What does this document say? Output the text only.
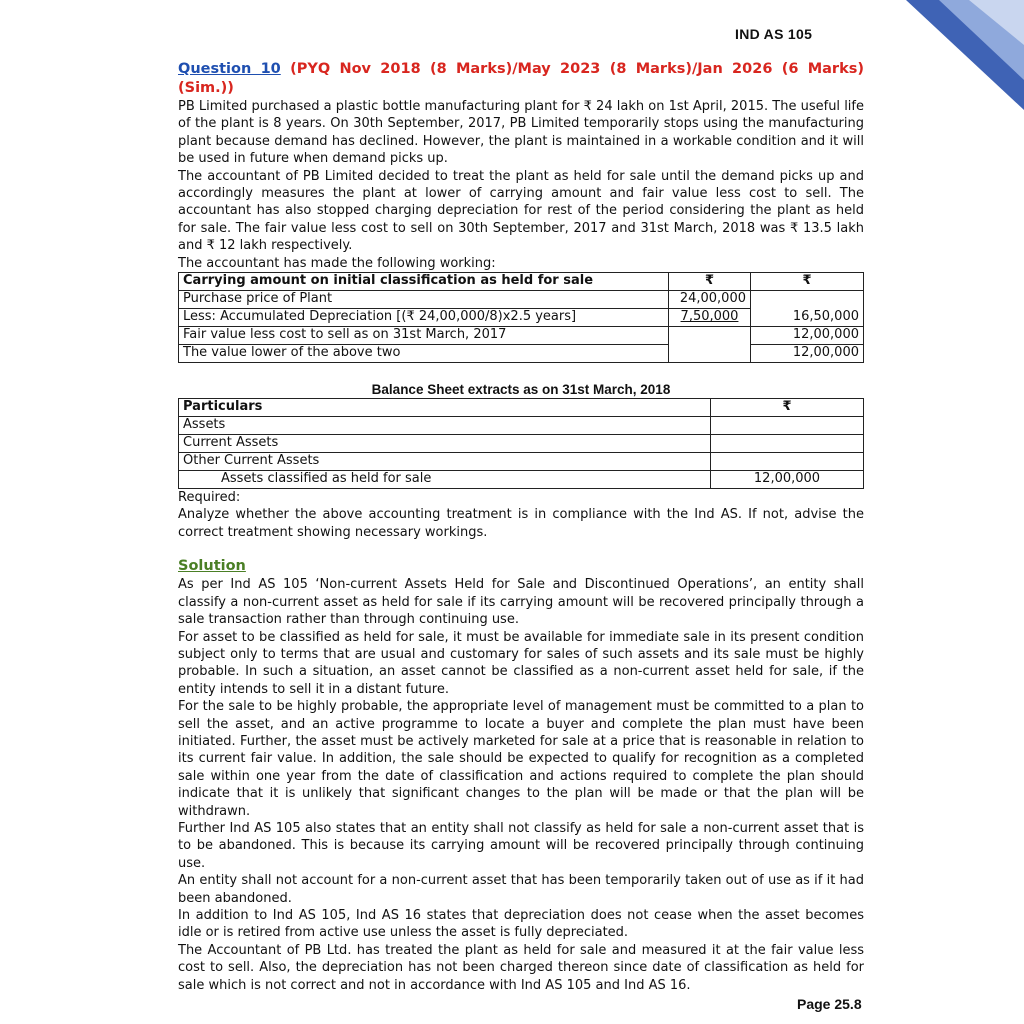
IND AS 105

Question 10 (PYQ Nov 2018 (8 Marks)/May 2023 (8 Marks)/Jan 2026 (6 Marks) (Sim.))

PB Limited purchased a plastic bottle manufacturing plant for ₹ 24 lakh on 1st April, 2015. The useful life of the plant is 8 years. On 30th September, 2017, PB Limited temporarily stops using the manufacturing plant because demand has declined. However, the plant is maintained in a workable condition and it will be used in future when demand picks up.

The accountant of PB Limited decided to treat the plant as held for sale until the demand picks up and accordingly measures the plant at lower of carrying amount and fair value less cost to sell. The accountant has also stopped charging depreciation for rest of the period considering the plant as held for sale. The fair value less cost to sell on 30th September, 2017 and 31st March, 2018 was ₹ 13.5 lakh and ₹ 12 lakh respectively.

The accountant has made the following working:

Carrying amount on initial classification as held for sale	₹	₹
Purchase price of Plant	24,00,000	
Less: Accumulated Depreciation [(₹ 24,00,000/8)x2.5 years]	7,50,000	16,50,000
Fair value less cost to sell as on 31st March, 2017		12,00,000
The value lower of the above two		12,00,000

Balance Sheet extracts as on 31st March, 2018

Particulars	₹
Assets	
Current Assets	
Other Current Assets	
Assets classified as held for sale	12,00,000

Required:

Analyze whether the above accounting treatment is in compliance with the Ind AS. If not, advise the correct treatment showing necessary workings.

Solution

As per Ind AS 105 ‘Non-current Assets Held for Sale and Discontinued Operations’, an entity shall classify a non-current asset as held for sale if its carrying amount will be recovered principally through a sale transaction rather than through continuing use.

For asset to be classified as held for sale, it must be available for immediate sale in its present condition subject only to terms that are usual and customary for sales of such assets and its sale must be highly probable. In such a situation, an asset cannot be classified as a non-current asset held for sale, if the entity intends to sell it in a distant future.

For the sale to be highly probable, the appropriate level of management must be committed to a plan to sell the asset, and an active programme to locate a buyer and complete the plan must have been initiated. Further, the asset must be actively marketed for sale at a price that is reasonable in relation to its current fair value. In addition, the sale should be expected to qualify for recognition as a completed sale within one year from the date of classification and actions required to complete the plan should indicate that it is unlikely that significant changes to the plan will be made or that the plan will be withdrawn.

Further Ind AS 105 also states that an entity shall not classify as held for sale a non-current asset that is to be abandoned. This is because its carrying amount will be recovered principally through continuing use.

An entity shall not account for a non-current asset that has been temporarily taken out of use as if it had been abandoned.

In addition to Ind AS 105, Ind AS 16 states that depreciation does not cease when the asset becomes idle or is retired from active use unless the asset is fully depreciated.

The Accountant of PB Ltd. has treated the plant as held for sale and measured it at the fair value less cost to sell. Also, the depreciation has not been charged thereon since date of classification as held for sale which is not correct and not in accordance with Ind AS 105 and Ind AS 16.

Page 25.8
